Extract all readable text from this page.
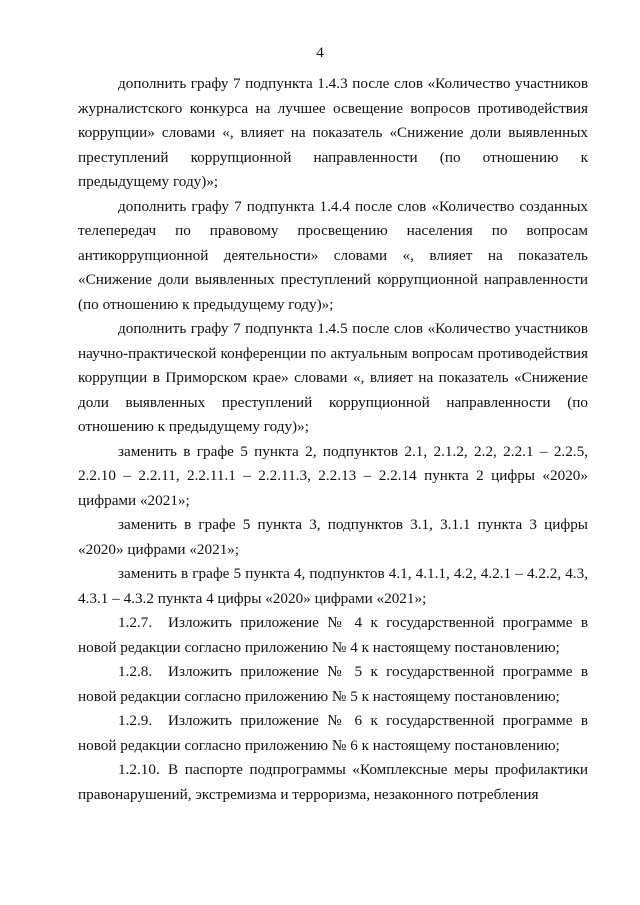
4

дополнить графу 7 подпункта 1.4.3 после слов «Количество участников журналистского конкурса на лучшее освещение вопросов противодействия коррупции» словами «, влияет на показатель «Снижение доли выявленных преступлений коррупционной направленности (по отношению к предыдущему году)»;

дополнить графу 7 подпункта 1.4.4 после слов «Количество созданных телепередач по правовому просвещению населения по вопросам антикоррупционной деятельности» словами «, влияет на показатель «Снижение доли выявленных преступлений коррупционной направленности (по отношению к предыдущему году)»;

дополнить графу 7 подпункта 1.4.5 после слов «Количество участников научно-практической конференции по актуальным вопросам противодействия коррупции в Приморском крае» словами «, влияет на показатель «Снижение доли выявленных преступлений коррупционной направленности (по отношению к предыдущему году)»;

заменить в графе 5 пункта 2, подпунктов 2.1, 2.1.2, 2.2, 2.2.1 – 2.2.5, 2.2.10 – 2.2.11, 2.2.11.1 – 2.2.11.3, 2.2.13 – 2.2.14 пункта 2 цифры «2020» цифрами «2021»;

заменить в графе 5 пункта 3, подпунктов 3.1, 3.1.1 пункта 3 цифры «2020» цифрами «2021»;

заменить в графе 5 пункта 4, подпунктов 4.1, 4.1.1, 4.2, 4.2.1 – 4.2.2, 4.3, 4.3.1 – 4.3.2 пункта 4 цифры «2020» цифрами «2021»;

1.2.7. Изложить приложение № 4 к государственной программе в новой редакции согласно приложению № 4 к настоящему постановлению;

1.2.8. Изложить приложение № 5 к государственной программе в новой редакции согласно приложению № 5 к настоящему постановлению;

1.2.9. Изложить приложение № 6 к государственной программе в новой редакции согласно приложению № 6 к настоящему постановлению;

1.2.10. В паспорте подпрограммы «Комплексные меры профилактики правонарушений, экстремизма и терроризма, незаконного потребления
